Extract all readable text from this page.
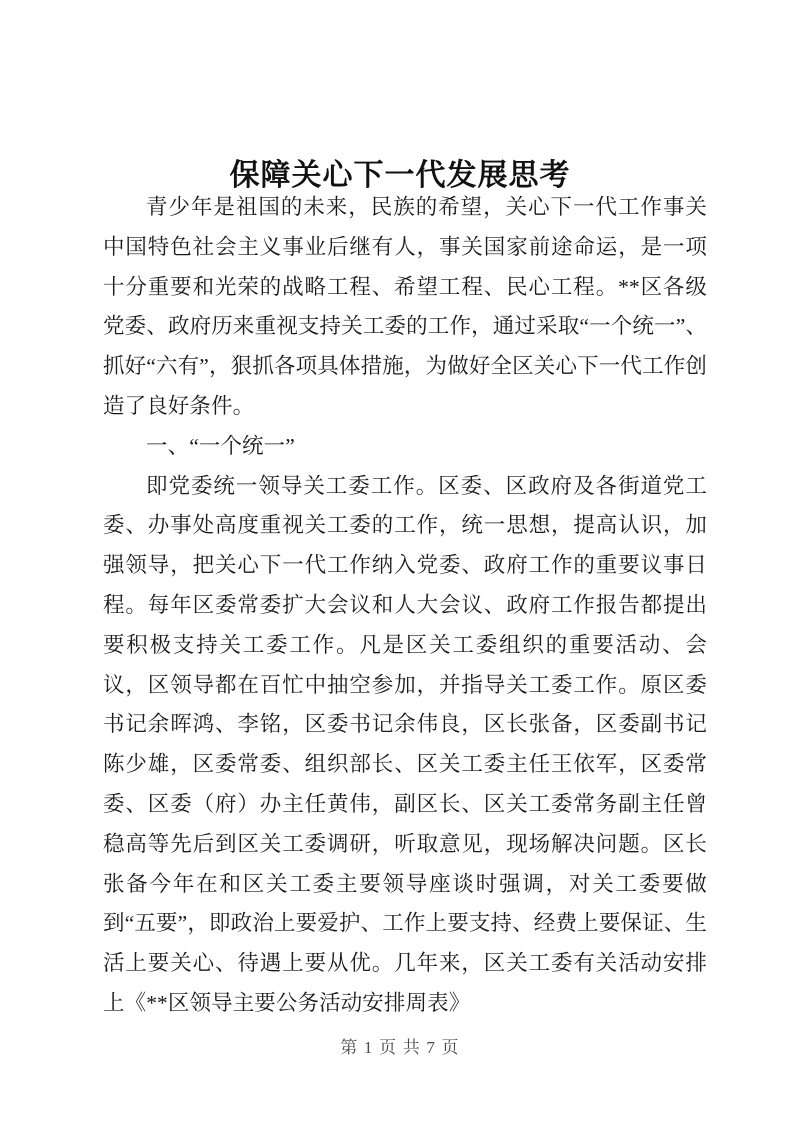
保障关心下一代发展思考

青少年是祖国的未来，民族的希望，关心下一代工作事关中国特色社会主义事业后继有人，事关国家前途命运，是一项十分重要和光荣的战略工程、希望工程、民心工程。**区各级党委、政府历来重视支持关工委的工作，通过采取“一个统一”、抓好“六有”，狠抓各项具体措施，为做好全区关心下一代工作创造了良好条件。

一、“一个统一”

即党委统一领导关工委工作。区委、区政府及各街道党工委、办事处高度重视关工委的工作，统一思想，提高认识，加强领导，把关心下一代工作纳入党委、政府工作的重要议事日程。每年区委常委扩大会议和人大会议、政府工作报告都提出要积极支持关工委工作。凡是区关工委组织的重要活动、会议，区领导都在百忙中抽空参加，并指导关工委工作。原区委书记余晖鸿、李铭，区委书记余伟良，区长张备，区委副书记陈少雄，区委常委、组织部长、区关工委主任王依军，区委常委、区委（府）办主任黄伟，副区长、区关工委常务副主任曾稳高等先后到区关工委调研，听取意见，现场解决问题。区长张备今年在和区关工委主要领导座谈时强调，对关工委要做到“五要”，即政治上要爱护、工作上要支持、经费上要保证、生活上要关心、待遇上要从优。几年来，区关工委有关活动安排上《**区领导主要公务活动安排周表》

第 1 页 共 7 页
